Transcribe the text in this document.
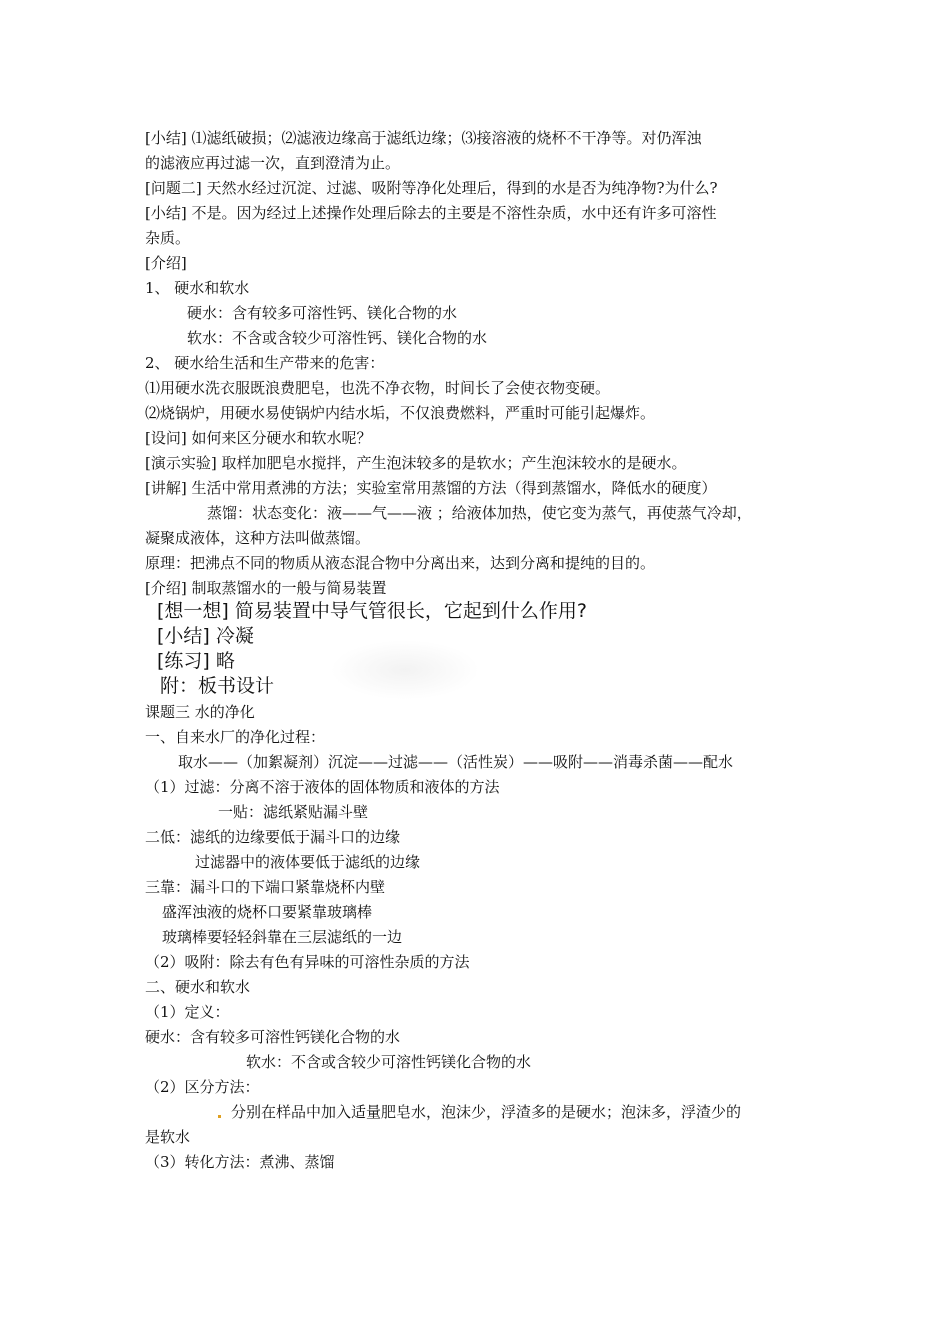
[小结] ⑴滤纸破损；⑵滤液边缘高于滤纸边缘；⑶接溶液的烧杯不干净等。对仍浑浊
的滤液应再过滤一次，直到澄清为止。
[问题二] 天然水经过沉淀、过滤、吸附等净化处理后，得到的水是否为纯净物?为什么?
[小结] 不是。因为经过上述操作处理后除去的主要是不溶性杂质，水中还有许多可溶性
杂质。
[介绍]
1、 硬水和软水
硬水：含有较多可溶性钙、镁化合物的水
软水：不含或含较少可溶性钙、镁化合物的水
2、 硬水给生活和生产带来的危害：
⑴用硬水洗衣服既浪费肥皂，也洗不净衣物，时间长了会使衣物变硬。
⑵烧锅炉，用硬水易使锅炉内结水垢，不仅浪费燃料，严重时可能引起爆炸。
[设问] 如何来区分硬水和软水呢？
[演示实验] 取样加肥皂水搅拌，产生泡沫较多的是软水；产生泡沫较水的是硬水。
[讲解] 生活中常用煮沸的方法；实验室常用蒸馏的方法（得到蒸馏水，降低水的硬度）
蒸馏：状态变化：液——气——液 ；给液体加热，使它变为蒸气，再使蒸气冷却，
凝聚成液体，这种方法叫做蒸馏。
原理：把沸点不同的物质从液态混合物中分离出来，达到分离和提纯的目的。
[介绍] 制取蒸馏水的一般与简易装置
[想一想] 简易装置中导气管很长，它起到什么作用?
[小结] 冷凝
[练习] 略
附：板书设计
课题三 水的净化
一、自来水厂的净化过程：
取水——（加絮凝剂）沉淀——过滤——（活性炭）——吸附——消毒杀菌——配水
（1）过滤：分离不溶于液体的固体物质和液体的方法
一贴：滤纸紧贴漏斗壁
二低：滤纸的边缘要低于漏斗口的边缘
过滤器中的液体要低于滤纸的边缘
三靠：漏斗口的下端口紧靠烧杯内壁
盛浑浊液的烧杯口要紧靠玻璃棒
玻璃棒要轻轻斜靠在三层滤纸的一边
（2）吸附：除去有色有异味的可溶性杂质的方法
二、硬水和软水
（1）定义：
硬水：含有较多可溶性钙镁化合物的水
软水：不含或含较少可溶性钙镁化合物的水
（2）区分方法：
分别在样品中加入适量肥皂水，泡沫少，浮渣多的是硬水；泡沫多，浮渣少的
是软水
（3）转化方法：煮沸、蒸馏
